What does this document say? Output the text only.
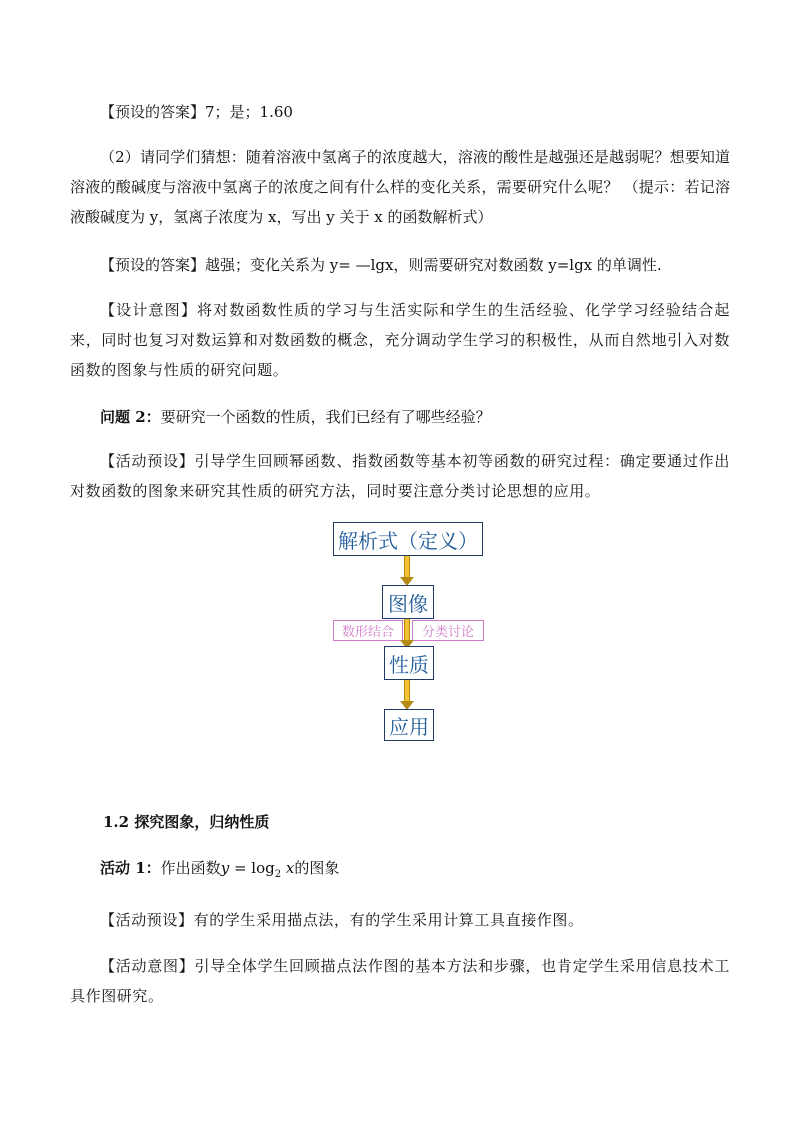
【预设的答案】7；是；1.60
（2）请同学们猜想：随着溶液中氢离子的浓度越大，溶液的酸性是越强还是越弱呢？想要知道溶液的酸碱度与溶液中氢离子的浓度之间有什么样的变化关系，需要研究什么呢？ （提示：若记溶液酸碱度为 y，氢离子浓度为 x，写出 y 关于 x 的函数解析式）
【预设的答案】越强；变化关系为 y= —lgx，则需要研究对数函数 y=lgx 的单调性.
【设计意图】将对数函数性质的学习与生活实际和学生的生活经验、化学学习经验结合起来，同时也复习对数运算和对数函数的概念，充分调动学生学习的积极性，从而自然地引入对数函数的图象与性质的研究问题。
问题 2：要研究一个函数的性质，我们已经有了哪些经验？
【活动预设】引导学生回顾幂函数、指数函数等基本初等函数的研究过程：确定要通过作出对数函数的图象来研究其性质的研究方法，同时要注意分类讨论思想的应用。
解析式（定义）
图像
数形结合	分类讨论
性质
应用
1.2 探究图象，归纳性质
活动 1：作出函数$y = \log_2 x$的图象
【活动预设】有的学生采用描点法，有的学生采用计算工具直接作图。
【活动意图】引导全体学生回顾描点法作图的基本方法和步骤，也肯定学生采用信息技术工具作图研究。
